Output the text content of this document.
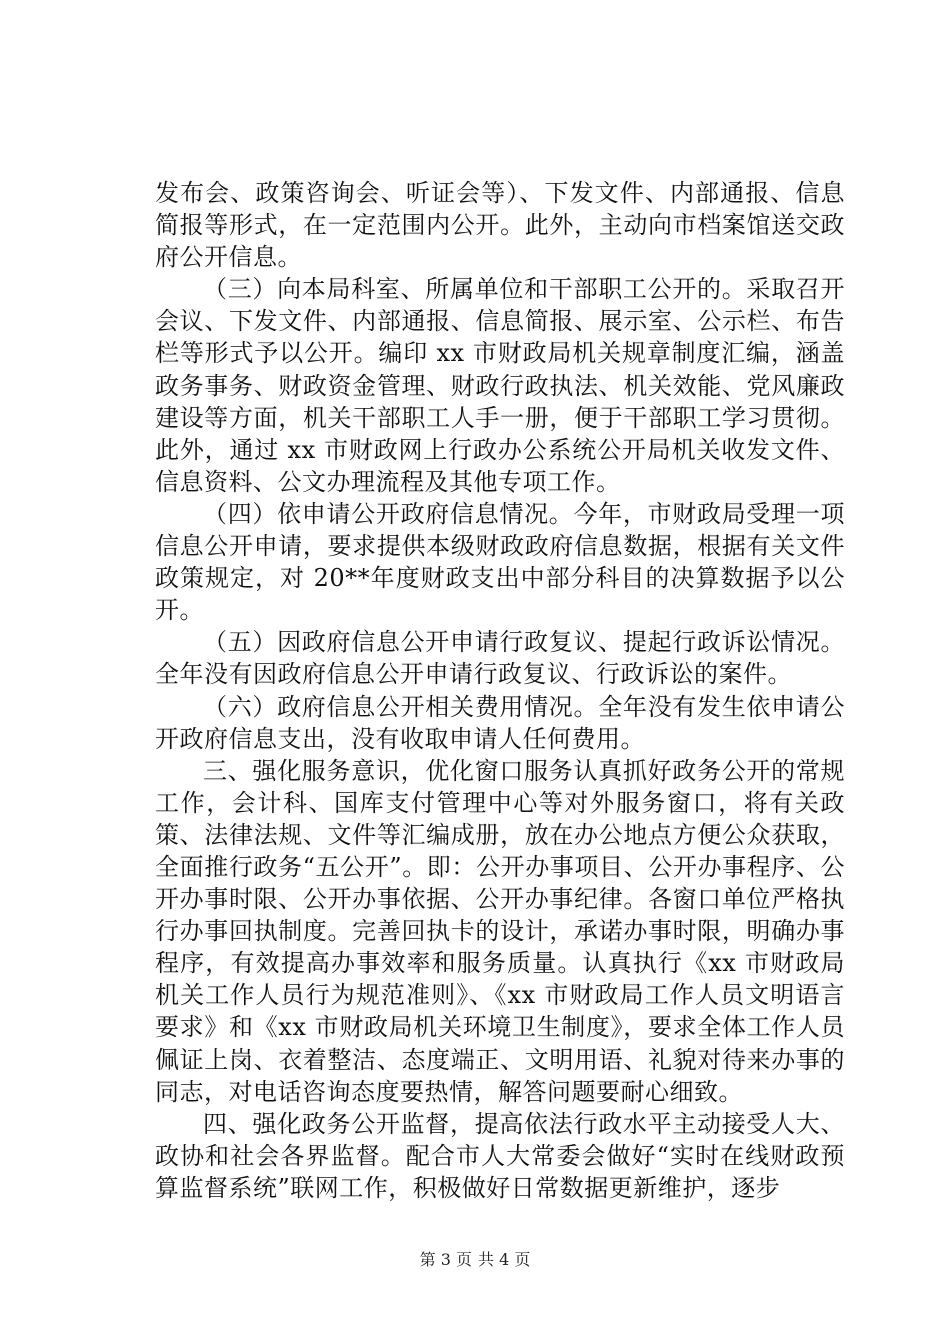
发布会、政策咨询会、听证会等）、下发文件、内部通报、信息简报等形式，在一定范围内公开。此外，主动向市档案馆送交政府公开信息。

（三）向本局科室、所属单位和干部职工公开的。采取召开会议、下发文件、内部通报、信息简报、展示室、公示栏、布告栏等形式予以公开。编印 xx 市财政局机关规章制度汇编，涵盖政务事务、财政资金管理、财政行政执法、机关效能、党风廉政建设等方面，机关干部职工人手一册，便于干部职工学习贯彻。此外，通过 xx 市财政网上行政办公系统公开局机关收发文件、信息资料、公文办理流程及其他专项工作。

（四）依申请公开政府信息情况。今年，市财政局受理一项信息公开申请，要求提供本级财政政府信息数据，根据有关文件政策规定，对 20**年度财政支出中部分科目的决算数据予以公开。

（五）因政府信息公开申请行政复议、提起行政诉讼情况。全年没有因政府信息公开申请行政复议、行政诉讼的案件。

（六）政府信息公开相关费用情况。全年没有发生依申请公开政府信息支出，没有收取申请人任何费用。

三、强化服务意识，优化窗口服务认真抓好政务公开的常规工作，会计科、国库支付管理中心等对外服务窗口，将有关政策、法律法规、文件等汇编成册，放在办公地点方便公众获取，全面推行政务“五公开”。即：公开办事项目、公开办事程序、公开办事时限、公开办事依据、公开办事纪律。各窗口单位严格执行办事回执制度。完善回执卡的设计，承诺办事时限，明确办事程序，有效提高办事效率和服务质量。认真执行《xx 市财政局机关工作人员行为规范准则》、《xx 市财政局工作人员文明语言要求》和《xx 市财政局机关环境卫生制度》，要求全体工作人员佩证上岗、衣着整洁、态度端正、文明用语、礼貌对待来办事的同志，对电话咨询态度要热情，解答问题要耐心细致。

四、强化政务公开监督，提高依法行政水平主动接受人大、政协和社会各界监督。配合市人大常委会做好“实时在线财政预算监督系统”联网工作，积极做好日常数据更新维护，逐步

第 3 页 共 4 页
